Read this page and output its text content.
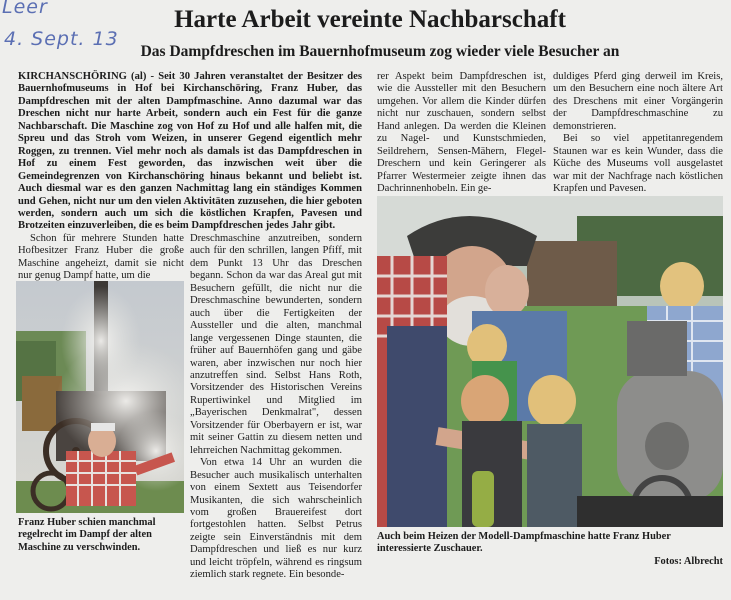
Leer
4. Sept. 13
Harte Arbeit vereinte Nachbarschaft
Das Dampfdreschen im Bauernhofmuseum zog wieder viele Besucher an

KIRCHANSCHÖRING (al) - Seit 30 Jahren veranstaltet der Besitzer des Bauernhofmuseums in Hof bei Kirchanschöring, Franz Huber, das Dampfdreschen mit der alten Dampfmaschine. Anno dazumal war das Dreschen nicht nur harte Arbeit, sondern auch ein Fest für die ganze Nachbarschaft. Die Maschine zog von Hof zu Hof und alle halfen mit, die Spreu und das Stroh vom Weizen, in unserer Gegend eigentlich mehr Roggen, zu trennen. Viel mehr noch als damals ist das Dampfdreschen in Hof zu einem Fest geworden, das inzwischen weit über die Gemeindegrenzen von Kirchanschöring hinaus bekannt und beliebt ist. Auch diesmal war es den ganzen Nachmittag lang ein ständiges Kommen und Gehen, nicht nur um den vielen Aktivitäten zuzusehen, die hier geboten werden, sondern auch um sich die köstlichen Krapfen, Pavesen und Brotzeiten einzuverleiben, die es beim Dampfdreschen jedes Jahr gibt.

Schon für mehrere Stunden hatte Hofbesitzer Franz Huber die große Maschine angeheizt, damit sie nicht nur genug Dampf hatte, um die

Franz Huber schien manchmal regelrecht im Dampf der alten Maschine zu verschwinden.

Dreschmaschine anzutreiben, sondern auch für den schrillen, langen Pfiff, mit dem Punkt 13 Uhr das Dreschen begann. Schon da war das Areal gut mit Besuchern gefüllt, die nicht nur die Dreschmaschine bewunderten, sondern auch über die Fertigkeiten der Aussteller und die alten, manchmal lange vergessenen Dinge staunten, die früher auf Bauernhöfen gang und gäbe waren, aber inzwischen nur noch hier anzutreffen sind. Selbst Hans Roth, Vorsitzender des Historischen Vereins Rupertiwinkel und Mitglied im „Bayerischen Denkmalrat", dessen Vorsitzender für Oberbayern er ist, war mit seiner Gattin zu diesem netten und lehrreichen Nachmittag gekommen.

Von etwa 14 Uhr an wurden die Besucher auch musikalisch unterhalten von einem Sextett aus Teisendorfer Musikanten, die sich wahrscheinlich vom großen Brauereifest dort fortgestohlen hatten. Selbst Petrus zeigte sein Einverständnis mit dem Dampfdreschen und ließ es nur kurz und leicht tröpfeln, während es ringsum ziemlich stark regnete. Ein besonde-

rer Aspekt beim Dampfdreschen ist, wie die Aussteller mit den Besuchern umgehen. Vor allem die Kinder dürfen nicht nur zuschauen, sondern selbst Hand anlegen. Da werden die Kleinen zu Nagel- und Kunstschmieden, Seildrehern, Sensen-Mähern, Flegel-Dreschern und kein Geringerer als Pfarrer Westermeier zeigte ihnen das Dachrinnenhobeln. Ein ge-

duldiges Pferd ging derweil im Kreis, um den Besuchern eine noch ältere Art des Dreschens mit einer Vorgängerin der Dampfdreschmaschine zu demonstrieren.

Bei so viel appetitanregendem Staunen war es kein Wunder, dass die Küche des Museums voll ausgelastet war mit der Nachfrage nach köstlichen Krapfen und Pavesen.

Auch beim Heizen der Modell-Dampfmaschine hatte Franz Huber interessierte Zuschauer.
Fotos: Albrecht
